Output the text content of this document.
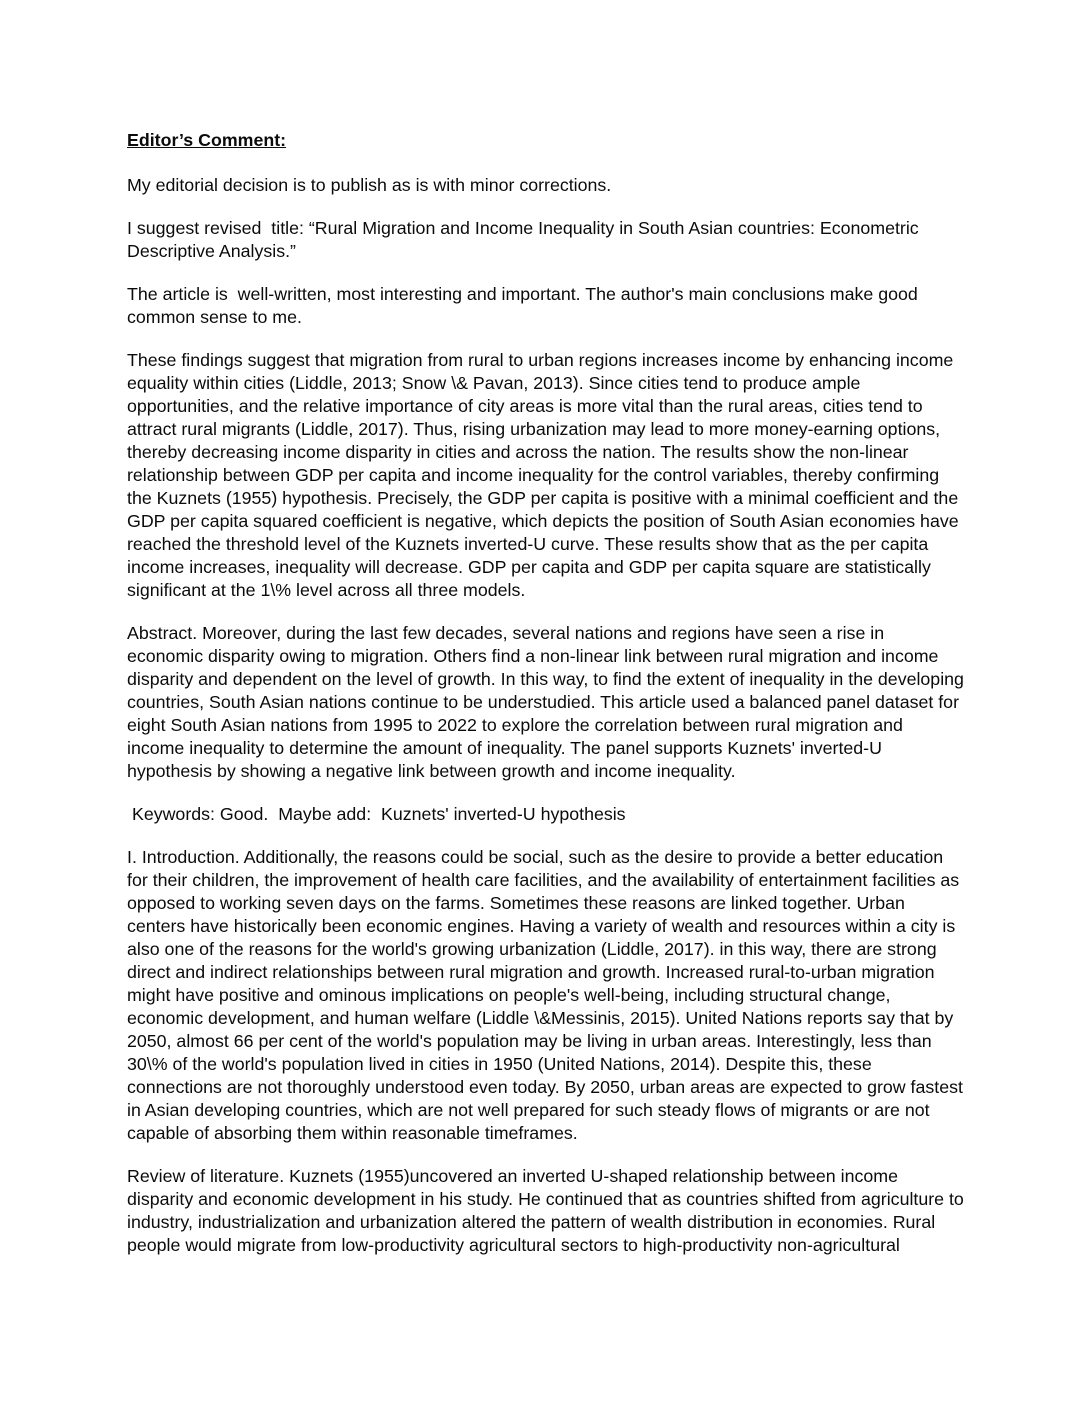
Editor’s Comment:

My editorial decision is to publish as is with minor corrections.

I suggest revised  title: “Rural Migration and Income Inequality in South Asian countries: Econometric Descriptive Analysis.”

The article is  well-written, most interesting and important. The author's main conclusions make good common sense to me.

These findings suggest that migration from rural to urban regions increases income by enhancing income equality within cities (Liddle, 2013; Snow \& Pavan, 2013). Since cities tend to produce ample opportunities, and the relative importance of city areas is more vital than the rural areas, cities tend to attract rural migrants (Liddle, 2017). Thus, rising urbanization may lead to more money-earning options, thereby decreasing income disparity in cities and across the nation. The results show the non-linear relationship between GDP per capita and income inequality for the control variables, thereby confirming the Kuznets (1955) hypothesis. Precisely, the GDP per capita is positive with a minimal coefficient and the GDP per capita squared coefficient is negative, which depicts the position of South Asian economies have reached the threshold level of the Kuznets inverted-U curve. These results show that as the per capita income increases, inequality will decrease. GDP per capita and GDP per capita square are statistically significant at the 1\% level across all three models.

Abstract. Moreover, during the last few decades, several nations and regions have seen a rise in economic disparity owing to migration. Others find a non-linear link between rural migration and income disparity and dependent on the level of growth. In this way, to find the extent of inequality in the developing countries, South Asian nations continue to be understudied. This article used a balanced panel dataset for eight South Asian nations from 1995 to 2022 to explore the correlation between rural migration and income inequality to determine the amount of inequality. The panel supports Kuznets' inverted-U hypothesis by showing a negative link between growth and income inequality.

Keywords: Good.  Maybe add:  Kuznets' inverted-U hypothesis

I. Introduction. Additionally, the reasons could be social, such as the desire to provide a better education for their children, the improvement of health care facilities, and the availability of entertainment facilities as opposed to working seven days on the farms. Sometimes these reasons are linked together. Urban centers have historically been economic engines. Having a variety of wealth and resources within a city is also one of the reasons for the world's growing urbanization (Liddle, 2017). in this way, there are strong direct and indirect relationships between rural migration and growth. Increased rural-to-urban migration might have positive and ominous implications on people's well-being, including structural change, economic development, and human welfare (Liddle \&Messinis, 2015). United Nations reports say that by 2050, almost 66 per cent of the world's population may be living in urban areas. Interestingly, less than 30\% of the world's population lived in cities in 1950 (United Nations, 2014). Despite this, these connections are not thoroughly understood even today. By 2050, urban areas are expected to grow fastest in Asian developing countries, which are not well prepared for such steady flows of migrants or are not capable of absorbing them within reasonable timeframes.

Review of literature. Kuznets (1955)uncovered an inverted U-shaped relationship between income disparity and economic development in his study. He continued that as countries shifted from agriculture to industry, industrialization and urbanization altered the pattern of wealth distribution in economies. Rural people would migrate from low-productivity agricultural sectors to high-productivity non-agricultural
